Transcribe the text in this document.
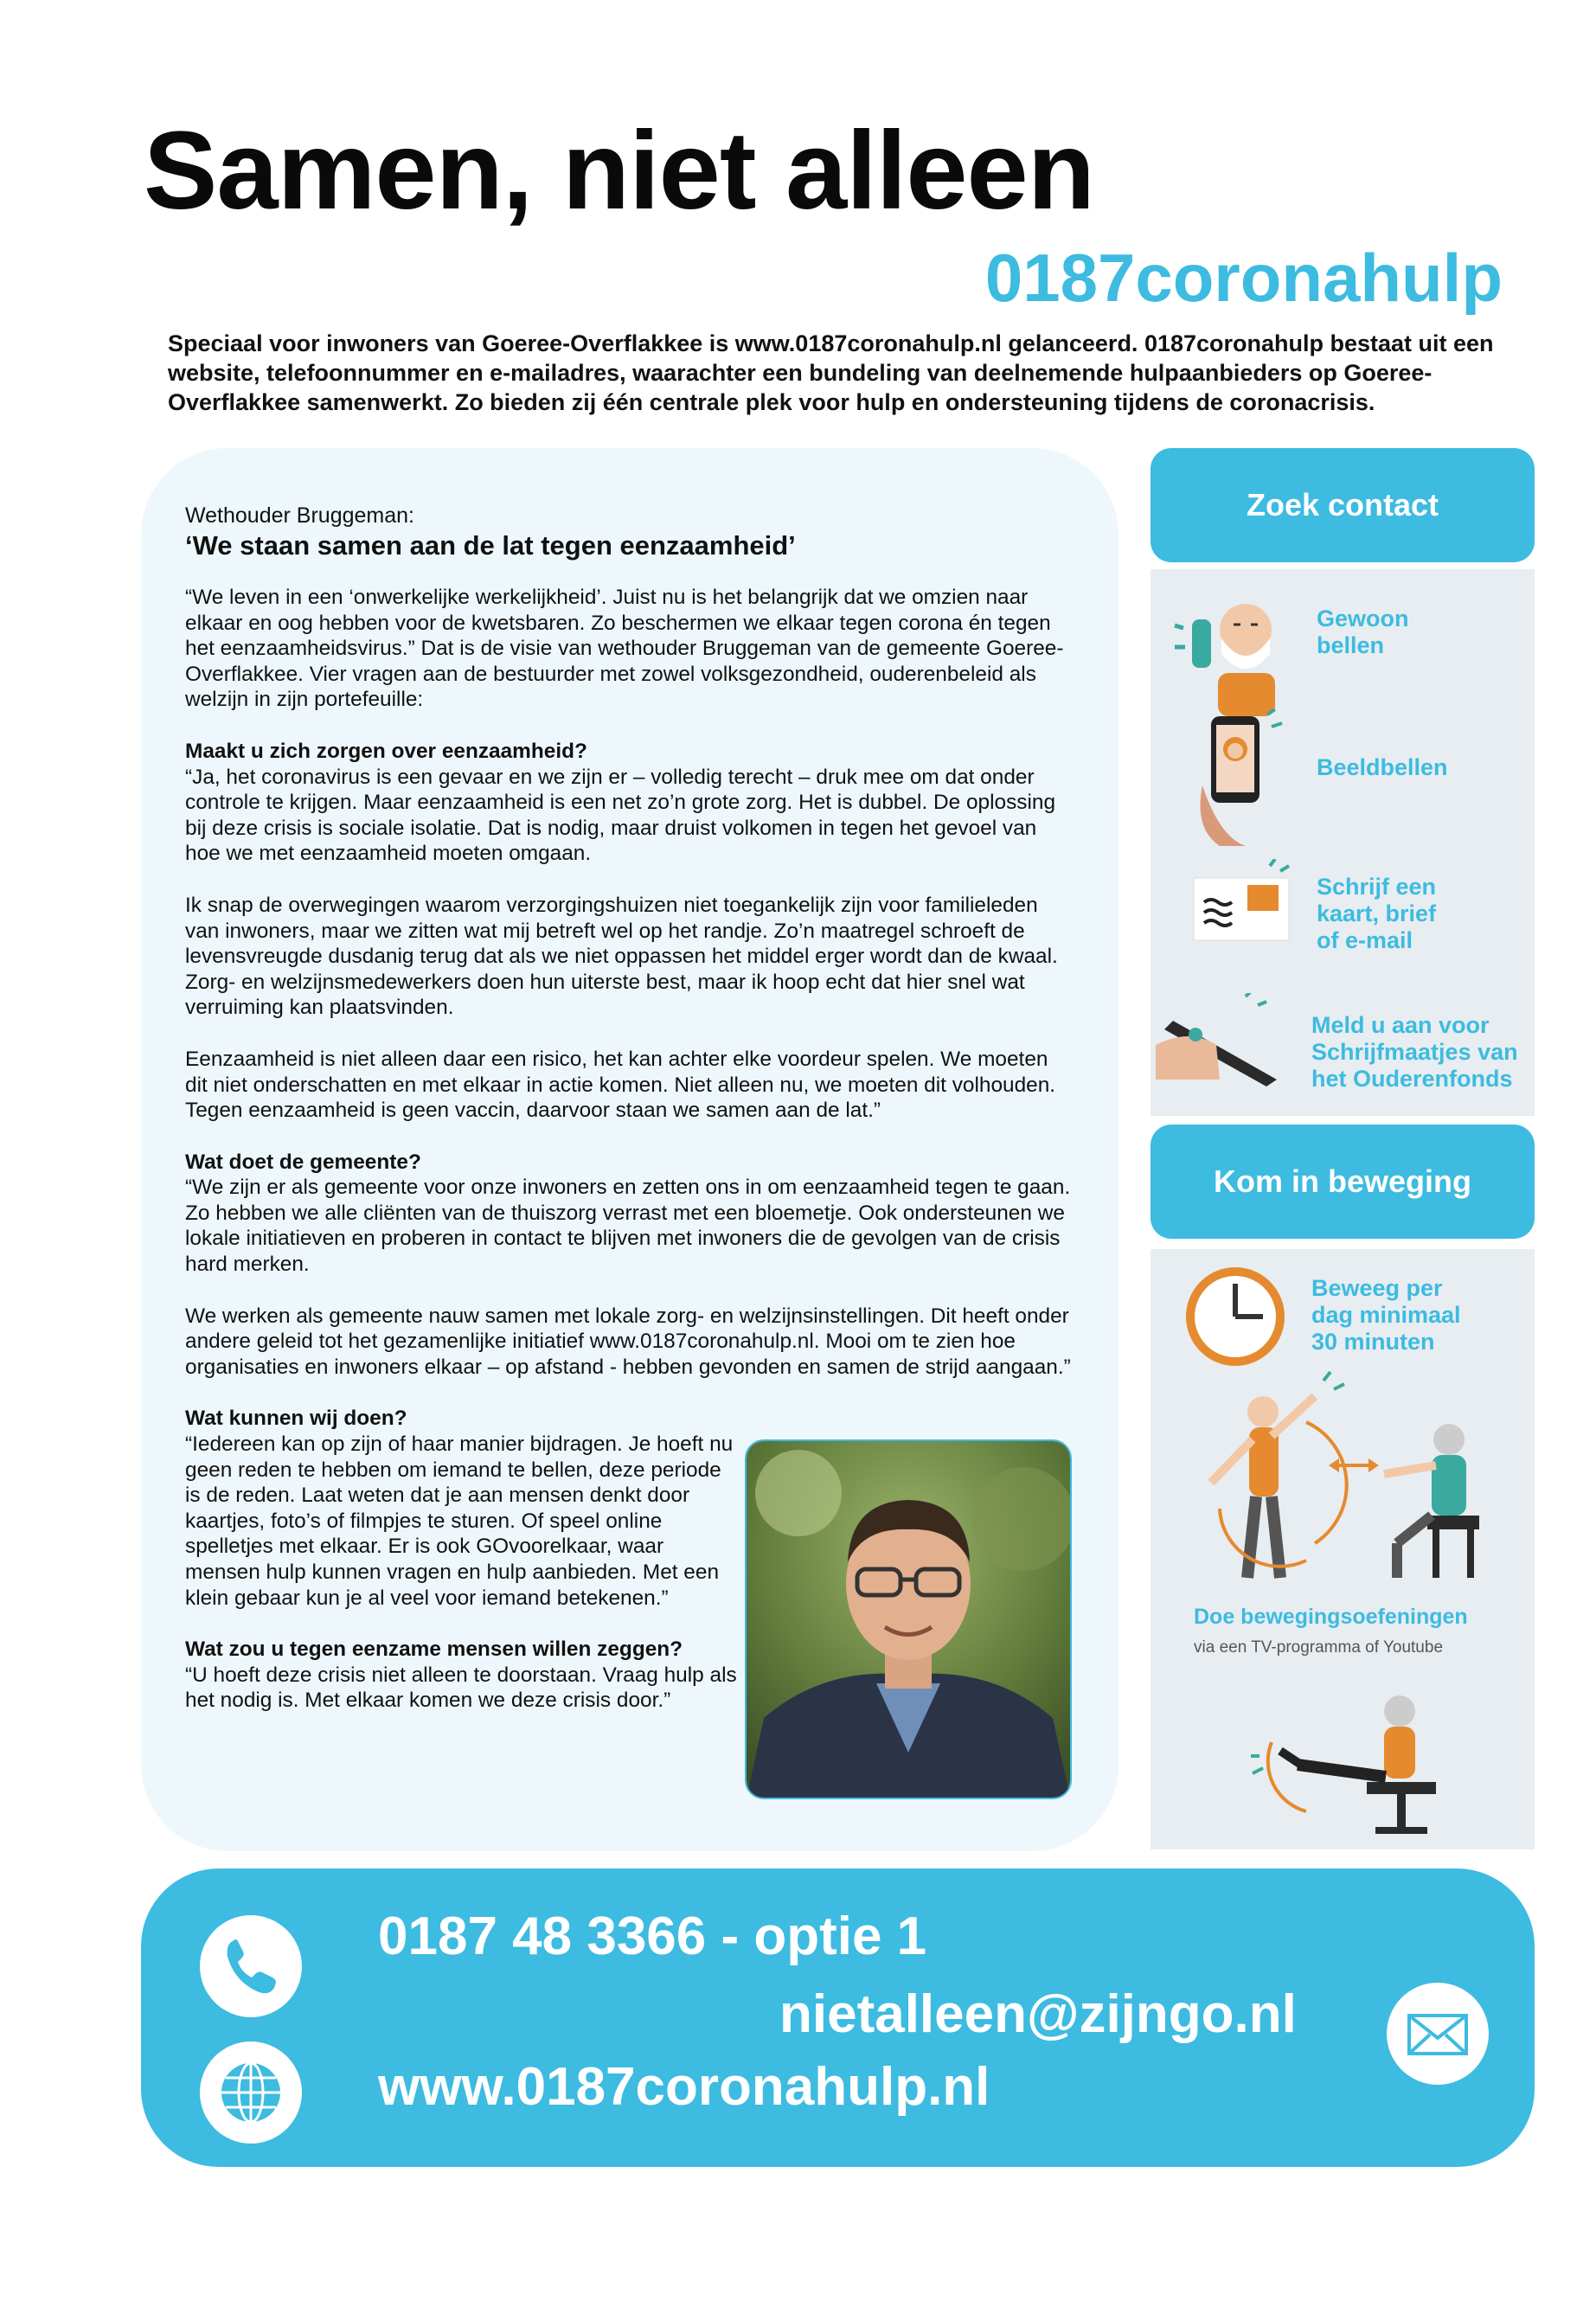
Samen, niet alleen
0187coronahulp

Speciaal voor inwoners van Goeree-Overflakkee is www.0187coronahulp.nl gelanceerd. 0187coronahulp bestaat uit een website, telefoonnummer en e-mailadres, waarachter een bundeling van deelnemende hulpaanbieders op Goeree-Overflakkee samenwerkt. Zo bieden zij één centrale plek voor hulp en ondersteuning tijdens de coronacrisis.

Wethouder Bruggeman:
‘We staan samen aan de lat tegen eenzaamheid’

“We leven in een ‘onwerkelijke werkelijkheid’. Juist nu is het belangrijk dat we omzien naar elkaar en oog hebben voor de kwetsbaren. Zo beschermen we elkaar tegen corona én tegen het eenzaamheidsvirus.” Dat is de visie van wethouder Bruggeman van de gemeente Goeree-Overflakkee. Vier vragen aan de bestuurder met zowel volksgezondheid, ouderenbeleid als welzijn in zijn portefeuille:

Maakt u zich zorgen over eenzaamheid?
“Ja, het coronavirus is een gevaar en we zijn er – volledig terecht – druk mee om dat onder controle te krijgen. Maar eenzaamheid is een net zo’n grote zorg. Het is dubbel. De oplossing bij deze crisis is sociale isolatie. Dat is nodig, maar druist volkomen in tegen het gevoel van hoe we met eenzaamheid moeten omgaan.

Ik snap de overwegingen waarom verzorgingshuizen niet toegankelijk zijn voor familieleden van inwoners, maar we zitten wat mij betreft wel op het randje. Zo’n maatregel schroeft de levensvreugde dusdanig terug dat als we niet oppassen het middel erger wordt dan de kwaal. Zorg- en welzijnsmedewerkers doen hun uiterste best, maar ik hoop echt dat hier snel wat verruiming kan plaatsvinden.

Eenzaamheid is niet alleen daar een risico, het kan achter elke voordeur spelen. We moeten dit niet onderschatten en met elkaar in actie komen. Niet alleen nu, we moeten dit volhouden. Tegen eenzaamheid is geen vaccin, daarvoor staan we samen aan de lat.”

Wat doet de gemeente?
“We zijn er als gemeente voor onze inwoners en zetten ons in om eenzaamheid tegen te gaan. Zo hebben we alle cliënten van de thuiszorg verrast met een bloemetje. Ook ondersteunen we lokale initiatieven en proberen in contact te blijven met inwoners die de gevolgen van de crisis hard merken.

We werken als gemeente nauw samen met lokale zorg- en welzijnsinstellingen. Dit heeft onder andere geleid tot het gezamenlijke initiatief www.0187coronahulp.nl. Mooi om te zien hoe organisaties en inwoners elkaar – op afstand - hebben gevonden en samen de strijd aangaan.”

Wat kunnen wij doen?
“Iedereen kan op zijn of haar manier bijdragen. Je hoeft nu geen reden te hebben om iemand te bellen, deze periode is de reden. Laat weten dat je aan mensen denkt door kaartjes, foto’s of filmpjes te sturen. Of speel online spelletjes met elkaar. Er is ook GOvoorelkaar, waar mensen hulp kunnen vragen en hulp aanbieden. Met een klein gebaar kun je al veel voor iemand betekenen.”

Wat zou u tegen eenzame mensen willen zeggen?
“U hoeft deze crisis niet alleen te doorstaan. Vraag hulp als het nodig is. Met elkaar komen we deze crisis door.”

Zoek contact
Gewoon
bellen
Beeldbellen
Schrijf een
kaart, brief
of e-mail
Meld u aan voor
Schrijfmaatjes van
het Ouderenfonds
Kom in beweging
Beweeg per
dag minimaal
30 minuten
Doe bewegingsoefeningen
via een TV-programma of Youtube
0187 48 3366 - optie 1
nietalleen@zijngo.nl
www.0187coronahulp.nl
